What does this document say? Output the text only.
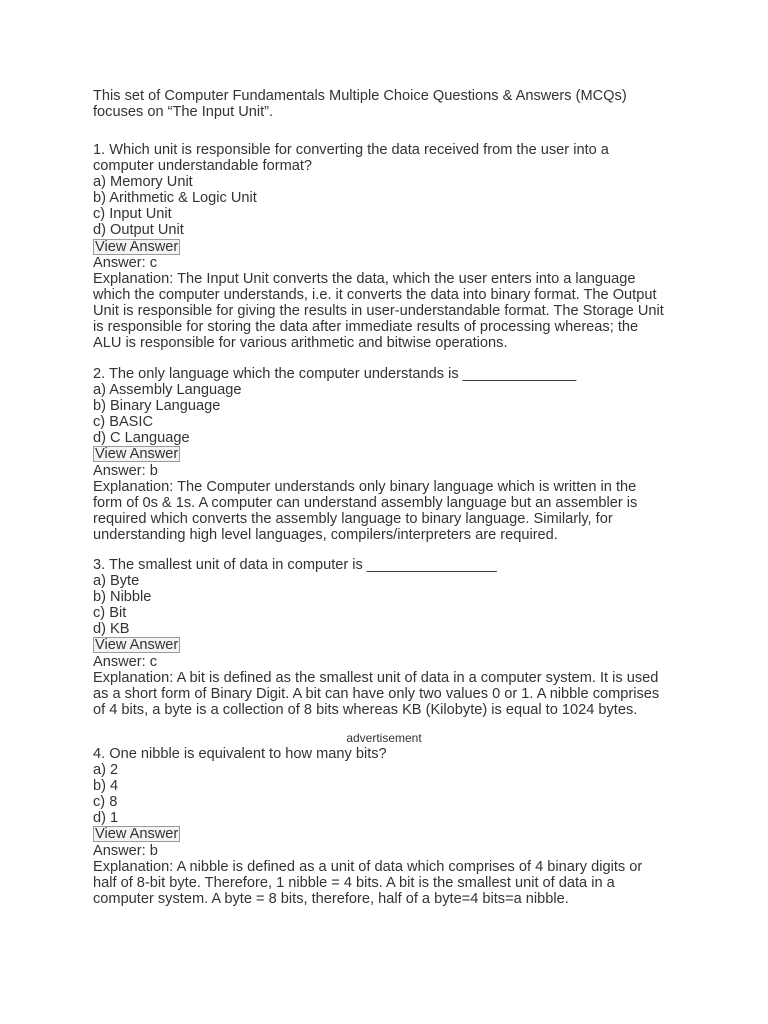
This set of Computer Fundamentals Multiple Choice Questions & Answers (MCQs)
focuses on “The Input Unit”.

1. Which unit is responsible for converting the data received from the user into a
computer understandable format?
a) Memory Unit
b) Arithmetic & Logic Unit
c) Input Unit
d) Output Unit
View Answer
Answer: c
Explanation: The Input Unit converts the data, which the user enters into a language
which the computer understands, i.e. it converts the data into binary format. The Output
Unit is responsible for giving the results in user-understandable format. The Storage Unit
is responsible for storing the data after immediate results of processing whereas; the
ALU is responsible for various arithmetic and bitwise operations.
2. The only language which the computer understands is ______________
a) Assembly Language
b) Binary Language
c) BASIC
d) C Language
View Answer
Answer: b
Explanation: The Computer understands only binary language which is written in the
form of 0s & 1s. A computer can understand assembly language but an assembler is
required which converts the assembly language to binary language. Similarly, for
understanding high level languages, compilers/interpreters are required.
3. The smallest unit of data in computer is ________________
a) Byte
b) Nibble
c) Bit
d) KB
View Answer
Answer: c
Explanation: A bit is defined as the smallest unit of data in a computer system. It is used
as a short form of Binary Digit. A bit can have only two values 0 or 1. A nibble comprises
of 4 bits, a byte is a collection of 8 bits whereas KB (Kilobyte) is equal to 1024 bytes.
advertisement
4. One nibble is equivalent to how many bits?
a) 2
b) 4
c) 8
d) 1
View Answer
Answer: b
Explanation: A nibble is defined as a unit of data which comprises of 4 binary digits or
half of 8-bit byte. Therefore, 1 nibble = 4 bits. A bit is the smallest unit of data in a
computer system. A byte = 8 bits, therefore, half of a byte=4 bits=a nibble.
